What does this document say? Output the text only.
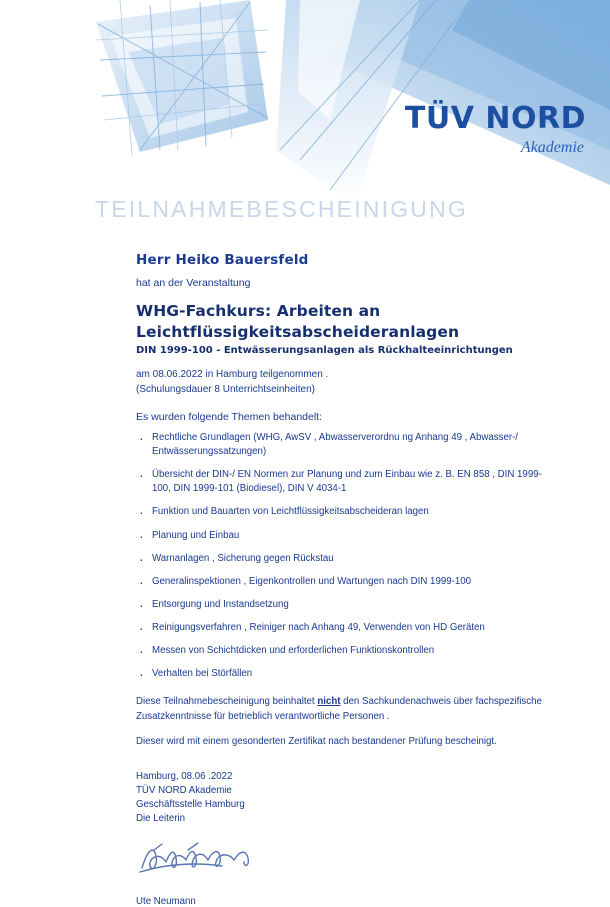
TÜV NORD
Akademie
TEILNAHMEBESCHEINIGUNG
Herr Heiko Bauersfeld
hat an der Veranstaltung
WHG-Fachkurs: Arbeiten an
Leichtflüssigkeitsabscheideranlagen
DIN 1999-100 - Entwässerungsanlagen als Rückhalteeinrichtungen
am 08.06.2022 in Hamburg teilgenommen .
(Schulungsdauer 8 Unterrichtseinheiten)
Es wurden folgende Themen behandelt:
· Rechtliche Grundlagen (WHG, AwSV , Abwasserverordnu ng Anhang 49 , Abwasser-/ Entwässerungssatzungen)
· Übersicht der DIN-/ EN Normen zur Planung und zum Einbau wie z. B. EN 858 , DIN 1999-100, DIN 1999-101 (Biodiesel), DIN V 4034-1
· Funktion und Bauarten von Leichtflüssigkeitsabscheideran lagen
· Planung und Einbau
· Warnanlagen , Sicherung gegen Rückstau
· Generalinspektionen , Eigenkontrollen und Wartungen nach DIN 1999-100
· Entsorgung und Instandsetzung
· Reinigungsverfahren , Reiniger nach Anhang 49, Verwenden von HD Geräten
· Messen von Schichtdicken und erforderlichen Funktionskontrollen
· Verhalten bei Störfällen
Diese Teilnahmebescheinigung beinhaltet nicht den Sachkundenachweis über fachspezifische Zusatzkenntnisse für betrieblich verantwortliche Personen .
Dieser wird mit einem gesonderten Zertifikat nach bestandener Prüfung bescheinigt.
Hamburg, 08.06 .2022
TÜV NORD Akademie
Geschäftsstelle Hamburg
Die Leiterin
Ute Neumann
